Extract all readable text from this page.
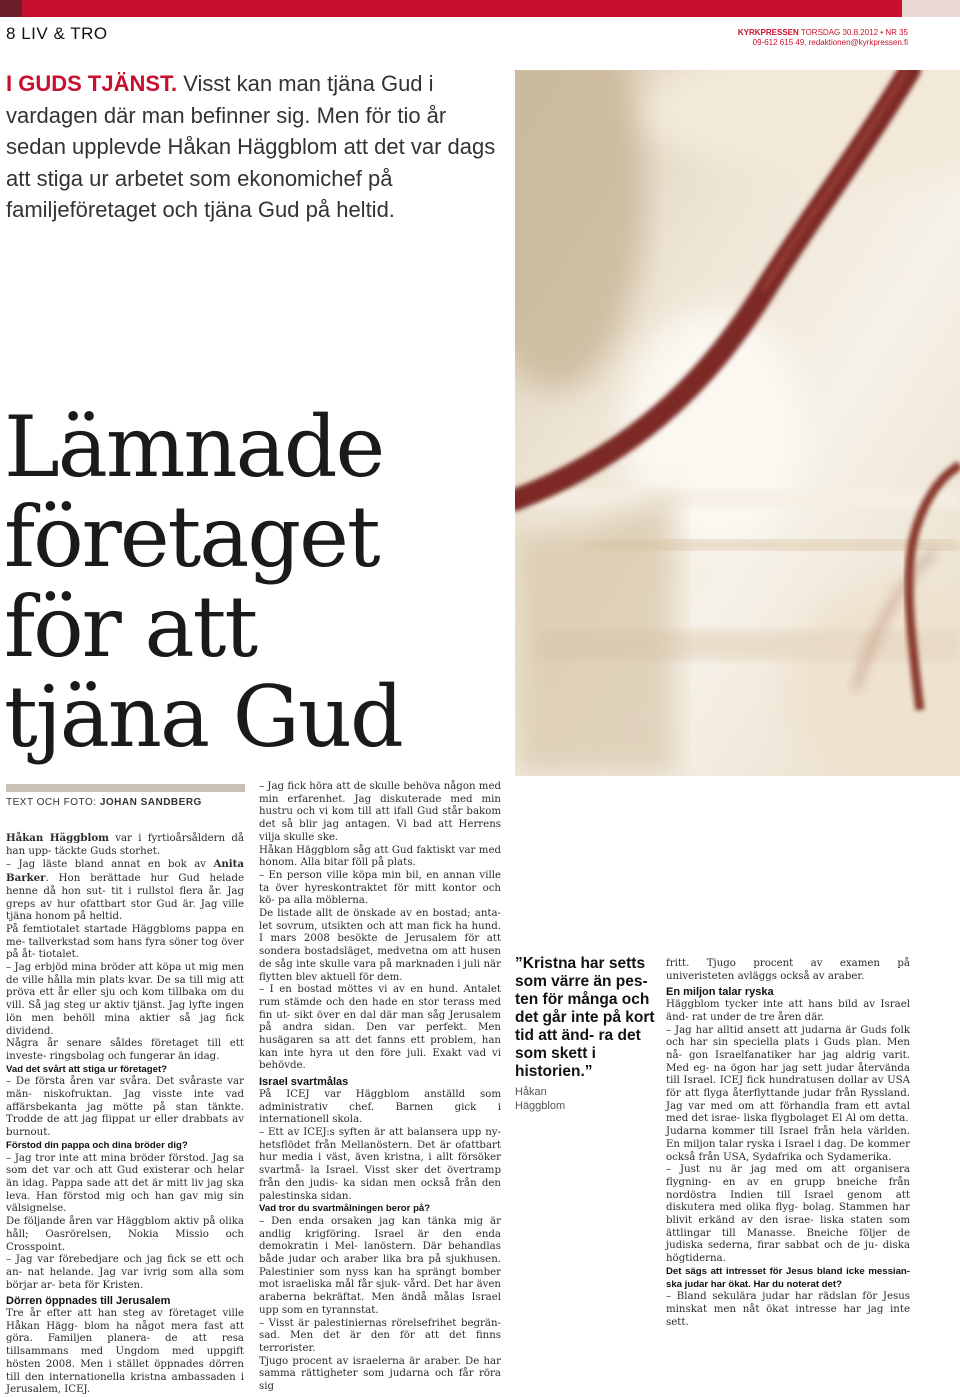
8 LIV & TRO	KYRKPRESSEN TORSDAG 30.8.2012 • NR 35
09-612 615 49, redaktionen@kyrkpressen.fi
I GUDS TJÄNST. Visst kan man tjäna Gud i vardagen där man befinner sig. Men för tio år sedan upplevde Håkan Häggblom att det var dags att stiga ur arbetet som ekonomichef på familjeföretaget och tjäna Gud på heltid.
Lämnade
företaget
för att
tjäna Gud
TEXT OCH FOTO: JOHAN SANDBERG

Håkan Häggblom var i fyrtioårsåldern då han upp- täckte Guds storhet.

– Jag läste bland annat en bok av Anita Barker. Hon berättade hur Gud helade henne då hon sut- tit i rullstol flera år. Jag greps av hur ofattbart stor Gud är. Jag ville tjäna honom på heltid.

På femtiotalet startade Häggbloms pappa en me- tallverkstad som hans fyra söner tog över på åt- tiotalet.

– Jag erbjöd mina bröder att köpa ut mig men de ville hålla min plats kvar. De sa till mig att pröva ett år eller sju och kom tillbaka om du vill. Så jag steg ur aktiv tjänst. Jag lyfte ingen lön men behöll mina aktier så jag fick dividend.

Några år senare såldes företaget till ett investe- ringsbolag och fungerar än idag.

Vad det svårt att stiga ur företaget?

– De första åren var svåra. Det svåraste var män- niskofruktan. Jag visste inte vad affärsbekanta jag mötte på stan tänkte. Trodde de att jag flippat ur eller drabbats av burnout.

Förstod din pappa och dina bröder dig?

– Jag tror inte att mina bröder förstod. Jag sa som det var och att Gud existerar och helar än idag. Pappa sade att det är mitt liv jag ska leva. Han förstod mig och han gav mig sin välsignelse.

De följande åren var Häggblom aktiv på olika håll; Oasrörelsen, Nokia Missio och Crosspoint.

– Jag var förebedjare och jag fick se ett och an- nat helande. Jag var ivrig som alla som börjar ar- beta för Kristen.

Dörren öppnades till Jerusalem

Tre år efter att han steg av företaget ville Håkan Hägg- blom ha något mera fast att göra. Familjen planera- de att resa tillsammans med Ungdom med uppgift hösten 2008. Men i stället öppnades dörren till den internationella kristna ambassaden i Jerusalem, ICEJ.

– Jag fick höra att de skulle behöva någon med min erfarenhet. Jag diskuterade med min hustru och vi kom till att ifall Gud står bakom det så blir jag antagen. Vi bad att Herrens vilja skulle ske.

Håkan Häggblom såg att Gud faktiskt var med honom. Alla bitar föll på plats.

– En person ville köpa min bil, en annan ville ta över hyreskontraktet för mitt kontor och kö- pa alla möblerna.

De listade allt de önskade av en bostad; anta- let sovrum, utsikten och att man fick ha hund. I mars 2008 besökte de Jerusalem för att sondera bostadsläget, medvetna om att husen de såg inte skulle vara på marknaden i juli när flytten blev aktuell för dem.

– I en bostad möttes vi av en hund. Antalet rum stämde och den hade en stor terass med fin ut- sikt över en dal där man såg Jerusalem på andra sidan. Den var perfekt. Men husägaren sa att det fanns ett problem, han kan inte hyra ut den före juli. Exakt vad vi behövde.

Israel svartmålas

På ICEJ var Häggblom anställd som administrativ chef. Barnen gick i internationell skola.

– Ett av ICEJ:s syften är att balansera upp ny- hetsflödet från Mellanöstern. Det är ofattbart hur media i väst, även kristna, i allt försöker svartmå- la Israel. Visst sker det övertramp från den judis- ka sidan men också från den palestinska sidan.

Vad tror du svartmålningen beror på?

– Den enda orsaken jag kan tänka mig är andlig krigföring. Israel är den enda demokratin i Mel- lanöstern. Där behandlas både judar och araber lika bra på sjukhusen. Palestinier som nyss kan ha sprängt bomber mot israeliska mål får sjuk- vård. Det har även araberna bekräftat. Men ändå målas Israel upp som en tyrannstat.

– Visst är palestiniernas rörelsefrihet begrän- sad. Men det är den för att det finns terrorister.

Tjugo procent av israelerna är araber. De har samma rättigheter som judarna och får röra sig

”Kristna har setts som värre än pes- ten för många och det går inte på kort tid att änd- ra det som skett i historien.”
Håkan
Häggblom

fritt. Tjugo procent av examen på univeristeten avläggs också av araber.

En miljon talar ryska

Häggblom tycker inte att hans bild av Israel änd- rat under de tre åren där.

– Jag har alltid ansett att judarna är Guds folk och har sin speciella plats i Guds plan. Men nå- gon Israelfanatiker har jag aldrig varit. Med eg- na ögon har jag sett judar återvända till Israel. ICEJ fick hundratusen dollar av USA för att flyga återflyttande judar från Ryssland. Jag var med om att förhandla fram ett avtal med det israe- liska flygbolaget El Al om detta.

Judarna kommer till Israel från hela världen. En miljon talar ryska i Israel i dag. De kommer också från USA, Sydafrika och Sydamerika.

– Just nu är jag med om att organisera flygning- en av en grupp bneiche från nordöstra Indien till Israel genom att diskutera med olika flyg- bolag. Stammen har blivit erkänd av den israe- liska staten som ättlingar till Manasse. Bneiche följer de judiska sederna, firar sabbat och de ju- diska högtiderna.

Det sägs att intresset för Jesus bland icke messian- ska judar har ökat. Har du noterat det?

– Bland sekulära judar har rädslan för Jesus minskat men nåt ökat intresse har jag inte sett.
